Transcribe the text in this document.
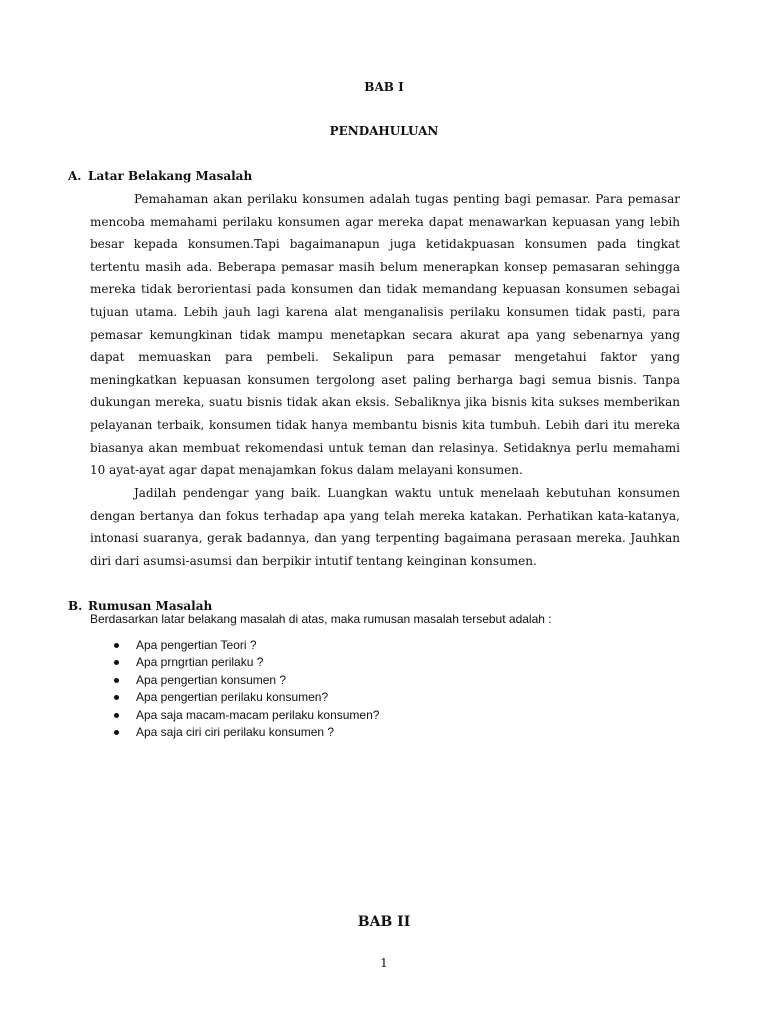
BAB I
PENDAHULUAN
A. Latar Belakang Masalah

Pemahaman akan perilaku konsumen adalah tugas penting bagi pemasar. Para pemasar mencoba memahami perilaku konsumen agar mereka dapat menawarkan kepuasan yang lebih besar kepada konsumen.Tapi bagaimanapun juga ketidakpuasan konsumen pada tingkat tertentu masih ada. Beberapa pemasar masih belum menerapkan konsep pemasaran sehingga mereka tidak berorientasi pada konsumen dan tidak memandang kepuasan konsumen sebagai tujuan utama. Lebih jauh lagi karena alat menganalisis perilaku konsumen tidak pasti, para pemasar kemungkinan tidak mampu menetapkan secara akurat apa yang sebenarnya yang dapat memuaskan para pembeli. Sekalipun para pemasar mengetahui faktor yang meningkatkan kepuasan konsumen tergolong aset paling berharga bagi semua bisnis. Tanpa dukungan mereka, suatu bisnis tidak akan eksis. Sebaliknya jika bisnis kita sukses memberikan pelayanan terbaik, konsumen tidak hanya membantu bisnis kita tumbuh. Lebih dari itu mereka biasanya akan membuat rekomendasi untuk teman dan relasinya. Setidaknya perlu memahami 10 ayat-ayat agar dapat menajamkan fokus dalam melayani konsumen.

Jadilah pendengar yang baik. Luangkan waktu untuk menelaah kebutuhan konsumen dengan bertanya dan fokus terhadap apa yang telah mereka katakan. Perhatikan kata-katanya, intonasi suaranya, gerak badannya, dan yang terpenting bagaimana perasaan mereka. Jauhkan diri dari asumsi-asumsi dan berpikir intutif tentang keinginan konsumen.

B. Rumusan Masalah
Berdasarkan latar belakang masalah di atas, maka rumusan masalah tersebut adalah :
Apa pengertian Teori ?
Apa prngrtian perilaku ?
Apa pengertian konsumen ?
Apa pengertian perilaku konsumen?
Apa saja macam-macam perilaku konsumen?
Apa saja ciri ciri perilaku konsumen ?
BAB II
1
